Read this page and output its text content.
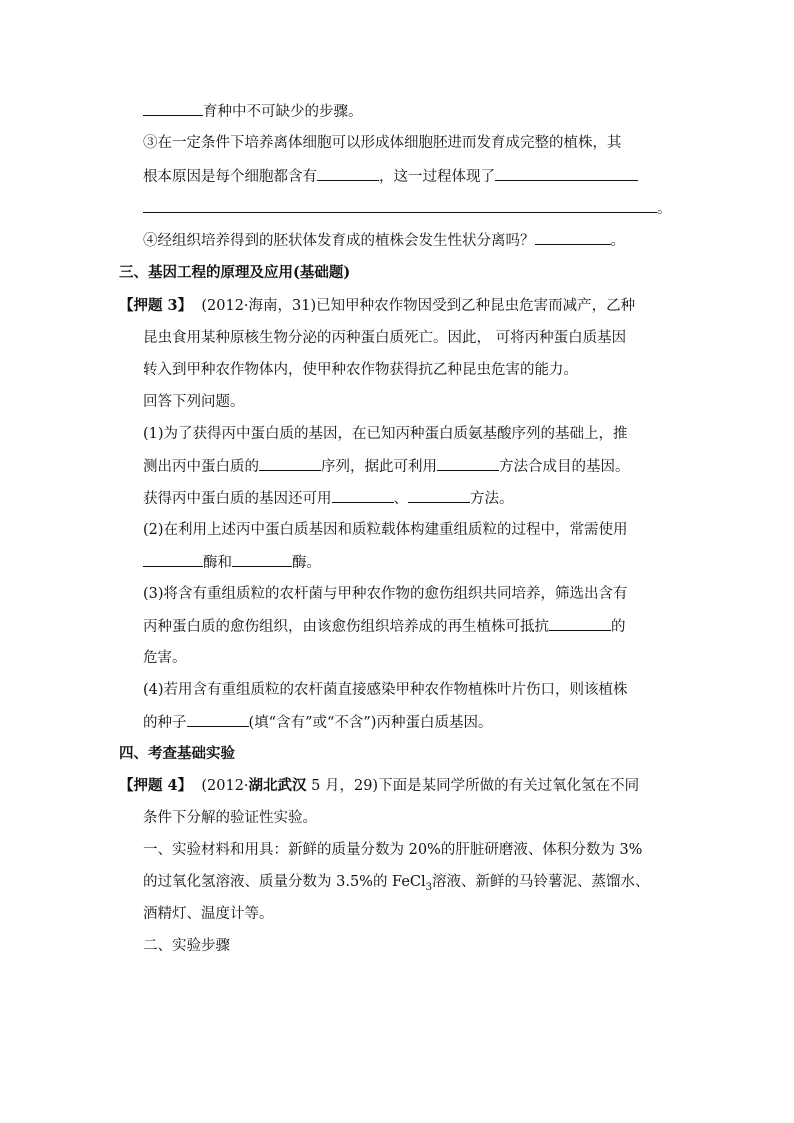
育种中不可缺少的步骤。
③在一定条件下培养离体细胞可以形成体细胞胚进而发育成完整的植株，其
根本原因是每个细胞都含有	，这一过程体现了
。
④经组织培养得到的胚状体发育成的植株会发生性状分离吗？	。
三、基因工程的原理及应用(基础题)
【押题 3】 (2012·海南，31)已知甲种农作物因受到乙种昆虫危害而减产，乙种
昆虫食用某种原核生物分泌的丙种蛋白质死亡。因此， 可将丙种蛋白质基因
转入到甲种农作物体内，使甲种农作物获得抗乙种昆虫危害的能力。
回答下列问题。
(1)为了获得丙中蛋白质的基因，在已知丙种蛋白质氨基酸序列的基础上，推
测出丙中蛋白质的	序列，据此可利用	方法合成目的基因。
获得丙中蛋白质的基因还可用	、	方法。
(2)在利用上述丙中蛋白质基因和质粒载体构建重组质粒的过程中，常需使用
酶和	酶。
(3)将含有重组质粒的农杆菌与甲种农作物的愈伤组织共同培养，筛选出含有
丙种蛋白质的愈伤组织，由该愈伤组织培养成的再生植株可抵抗	的
危害。
(4)若用含有重组质粒的农杆菌直接感染甲种农作物植株叶片伤口，则该植株
的种子	(填“含有”或“不含”)丙种蛋白质基因。
四、考查基础实验
【押题 4】 (2012·湖北武汉 5 月，29)下面是某同学所做的有关过氧化氢在不同
条件下分解的验证性实验。
一、实验材料和用具：新鲜的质量分数为 20%的肝脏研磨液、体积分数为 3%
的过氧化氢溶液、质量分数为 3.5%的 FeCl$_3$溶液、新鲜的马铃薯泥、蒸馏水、
酒精灯、温度计等。
二、实验步骤
